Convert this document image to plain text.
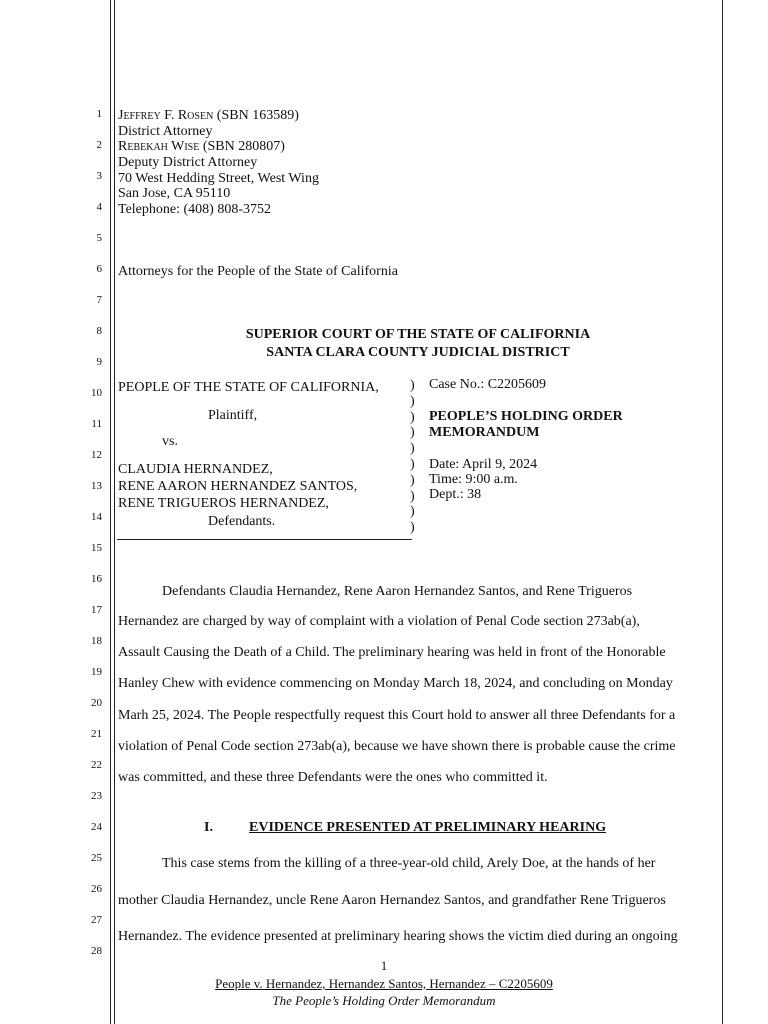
1
2
3
4
5
6
7
8
9
10
11
12
13
14
15
16
17
18
19
20
21
22
23
24
25
26
27
28
Jeffrey F. Rosen (SBN 163589)
District Attorney
Rebekah Wise (SBN 280807)
Deputy District Attorney
70 West Hedding Street, West Wing
San Jose, CA 95110
Telephone: (408) 808-3752
Attorneys for the People of the State of California
SUPERIOR COURT OF THE STATE OF CALIFORNIA
SANTA CLARA COUNTY JUDICIAL DISTRICT
PEOPLE OF THE STATE OF CALIFORNIA,
Plaintiff,
vs.
CLAUDIA HERNANDEZ,
RENE AARON HERNANDEZ SANTOS,
RENE TRIGUEROS HERNANDEZ,
Defendants.
)
)
)
)
)
)
)
)
)
)
Case No.: C2205609
PEOPLE’S HOLDING ORDER
MEMORANDUM
Date: April 9, 2024
Time: 9:00 a.m.
Dept.: 38
Defendants Claudia Hernandez, Rene Aaron Hernandez Santos, and Rene Trigueros
Hernandez are charged by way of complaint with a violation of Penal Code section 273ab(a),
Assault Causing the Death of a Child. The preliminary hearing was held in front of the Honorable
Hanley Chew with evidence commencing on Monday March 18, 2024, and concluding on Monday
Marh 25, 2024. The People respectfully request this Court hold to answer all three Defendants for a
violation of Penal Code section 273ab(a), because we have shown there is probable cause the crime
was committed, and these three Defendants were the ones who committed it.
I.	EVIDENCE PRESENTED AT PRELIMINARY HEARING
This case stems from the killing of a three-year-old child, Arely Doe, at the hands of her
mother Claudia Hernandez, uncle Rene Aaron Hernandez Santos, and grandfather Rene Trigueros
Hernandez. The evidence presented at preliminary hearing shows the victim died during an ongoing
1
People v. Hernandez, Hernandez Santos, Hernandez – C2205609
The People’s Holding Order Memorandum
